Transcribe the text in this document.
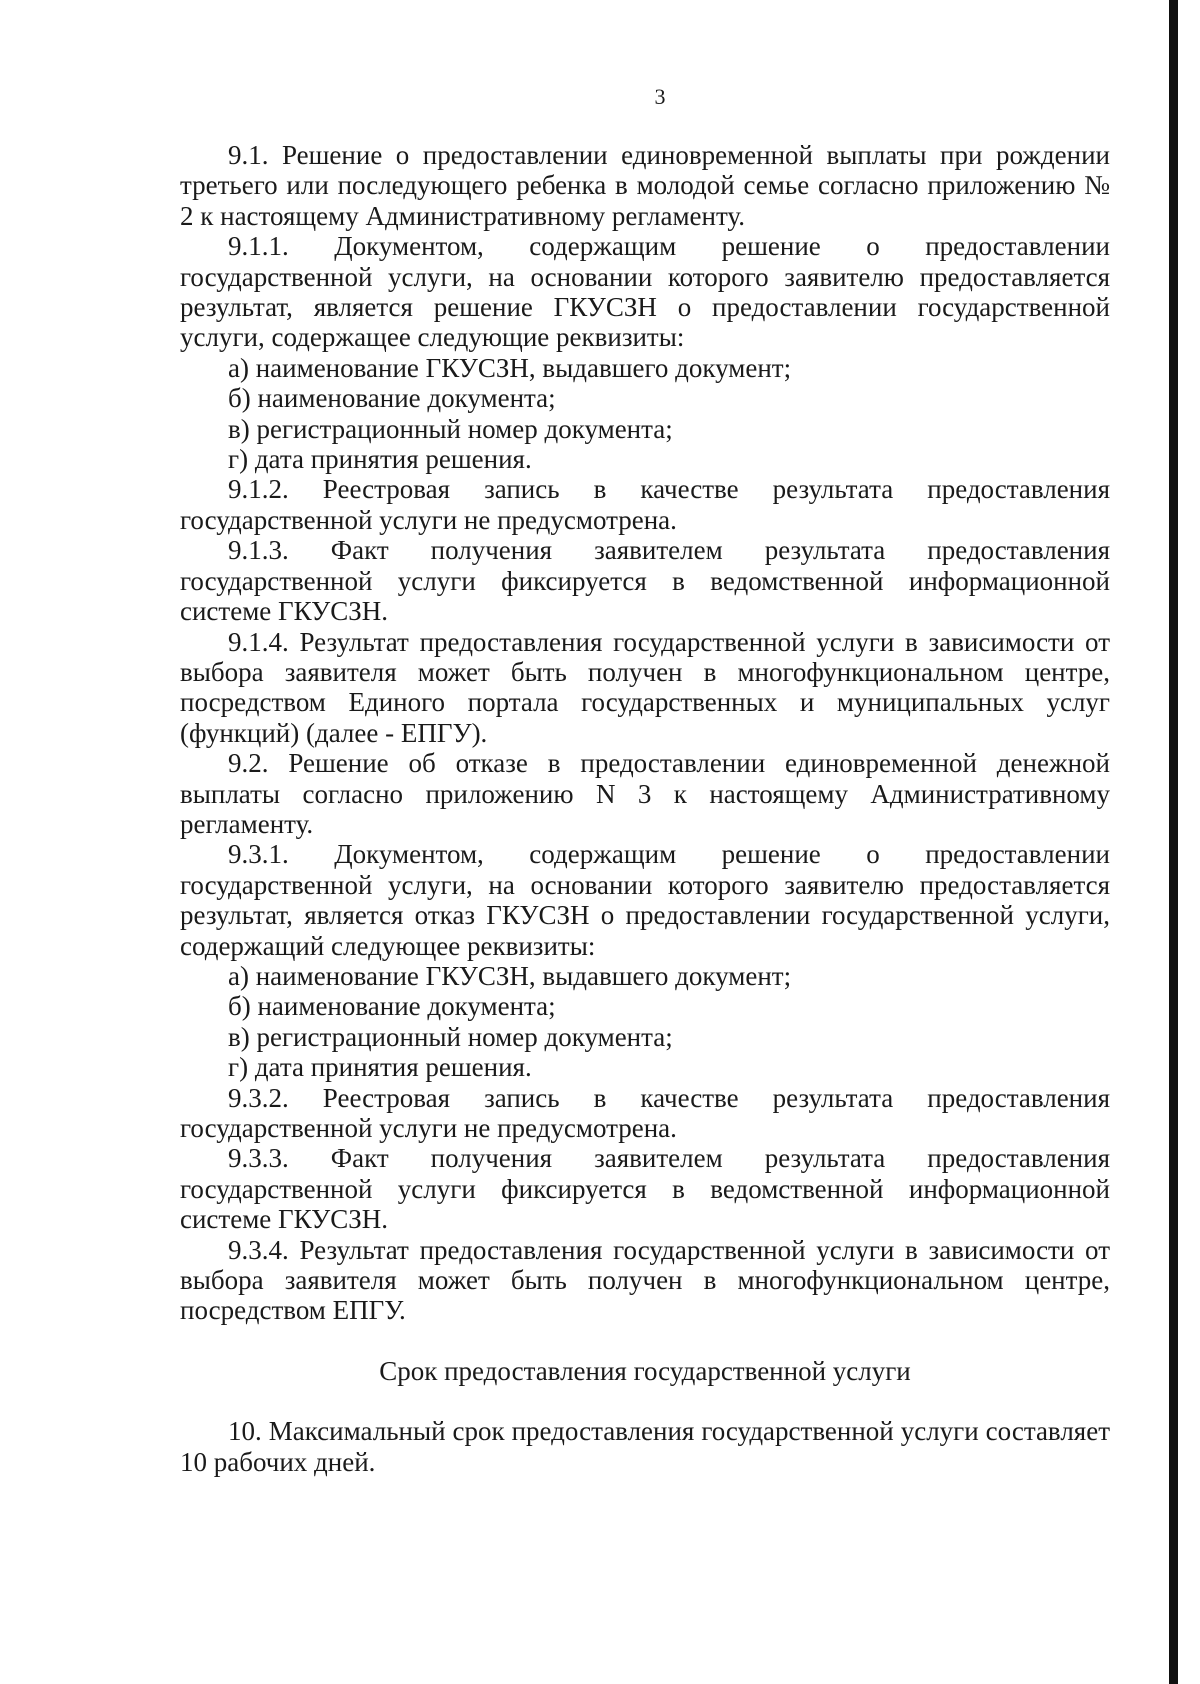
3

9.1. Решение о предоставлении единовременной выплаты при рождении третьего или последующего ребенка в молодой семье согласно приложению № 2 к настоящему Административному регламенту.

9.1.1. Документом, содержащим решение о предоставлении государственной услуги, на основании которого заявителю предоставляется результат, является решение ГКУСЗН о предоставлении государственной услуги, содержащее следующие реквизиты:

а) наименование ГКУСЗН, выдавшего документ;

б) наименование документа;

в) регистрационный номер документа;

г) дата принятия решения.

9.1.2. Реестровая запись в качестве результата предоставления государственной услуги не предусмотрена.

9.1.3. Факт получения заявителем результата предоставления государственной услуги фиксируется в ведомственной информационной системе ГКУСЗН.

9.1.4. Результат предоставления государственной услуги в зависимости от выбора заявителя может быть получен в многофункциональном центре, посредством Единого портала государственных и муниципальных услуг (функций) (далее - ЕПГУ).

9.2. Решение об отказе в предоставлении единовременной денежной выплаты согласно приложению N 3 к настоящему Административному регламенту.

9.3.1. Документом, содержащим решение о предоставлении государственной услуги, на основании которого заявителю предоставляется результат, является отказ ГКУСЗН о предоставлении государственной услуги, содержащий следующее реквизиты:

а) наименование ГКУСЗН, выдавшего документ;

б) наименование документа;

в) регистрационный номер документа;

г) дата принятия решения.

9.3.2. Реестровая запись в качестве результата предоставления государственной услуги не предусмотрена.

9.3.3. Факт получения заявителем результата предоставления государственной услуги фиксируется в ведомственной информационной системе ГКУСЗН.

9.3.4. Результат предоставления государственной услуги в зависимости от выбора заявителя может быть получен в многофункциональном центре, посредством ЕПГУ.

Срок предоставления государственной услуги

10. Максимальный срок предоставления государственной услуги составляет 10 рабочих дней.
